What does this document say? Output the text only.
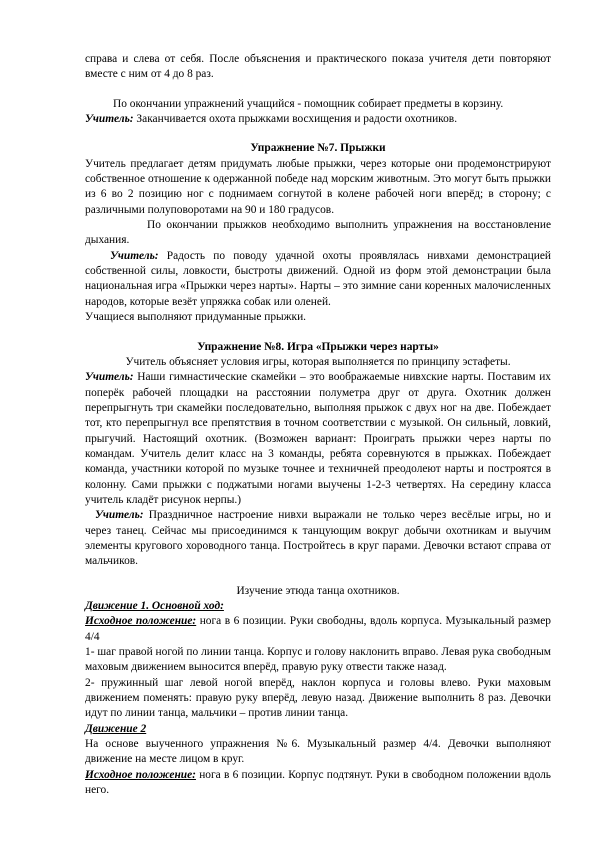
справа и слева от себя. После объяснения и практического показа учителя дети повторяют вместе с ним от 4 до 8 раз.

По окончании упражнений учащийся - помощник собирает предметы в корзину.

Учитель: Заканчивается охота прыжками восхищения и радости охотников.

Упражнение №7. Прыжки

Учитель предлагает детям придумать любые прыжки, через которые они продемонстрируют собственное отношение к одержанной победе над морским животным. Это могут быть прыжки из 6 во 2 позицию ног с поднимаем согнутой в колене рабочей ноги вперёд; в сторону; с различными полуповоротами на 90 и 180 градусов.

По окончании прыжков необходимо выполнить упражнения на восстановление дыхания.

Учитель: Радость по поводу удачной охоты проявлялась нивхами демонстрацией собственной силы, ловкости, быстроты движений. Одной из форм этой демонстрации была национальная игра «Прыжки через нарты». Нарты – это зимние сани коренных малочисленных народов, которые везёт упряжка собак или оленей.

Учащиеся выполняют придуманные прыжки.

Упражнение №8. Игра «Прыжки через нарты»

Учитель объясняет условия игры, которая выполняется по принципу эстафеты.

Учитель: Наши гимнастические скамейки – это воображаемые нивхские нарты. Поставим их поперёк рабочей площадки на расстоянии полуметра друг от друга. Охотник должен перепрыгнуть три скамейки последовательно, выполняя прыжок с двух ног на две. Побеждает тот, кто перепрыгнул все препятствия в точном соответствии с музыкой. Он сильный, ловкий, прыгучий. Настоящий охотник. (Возможен вариант: Проиграть прыжки через нарты по командам. Учитель делит класс на 3 команды, ребята соревнуются в прыжках. Побеждает команда, участники которой по музыке точнее и техничней преодолеют нарты и построятся в колонну. Сами прыжки с поджатыми ногами выучены 1-2-3 четвертях. На середину класса учитель кладёт рисунок нерпы.)

Учитель: Праздничное настроение нивхи выражали не только через весёлые игры, но и через танец. Сейчас мы присоединимся к танцующим вокруг добычи охотникам и выучим элементы кругового хороводного танца. Постройтесь в круг парами. Девочки встают справа от мальчиков.

Изучение этюда танца охотников.

Движение 1. Основной ход:

Исходное положение: нога в 6 позиции. Руки свободны, вдоль корпуса. Музыкальный размер 4/4

1- шаг правой ногой по линии танца. Корпус и голову наклонить вправо. Левая рука свободным маховым движением выносится вперёд, правую руку отвести также назад.

2- пружинный шаг левой ногой вперёд, наклон корпуса и головы влево. Руки маховым движением поменять: правую руку вперёд, левую назад. Движение выполнить 8 раз. Девочки идут по линии танца, мальчики – против линии танца.

Движение 2

На основе выученного упражнения №6. Музыкальный размер 4/4. Девочки выполняют движение на месте лицом в круг.

Исходное положение: нога в 6 позиции. Корпус подтянут. Руки в свободном положении вдоль него.
